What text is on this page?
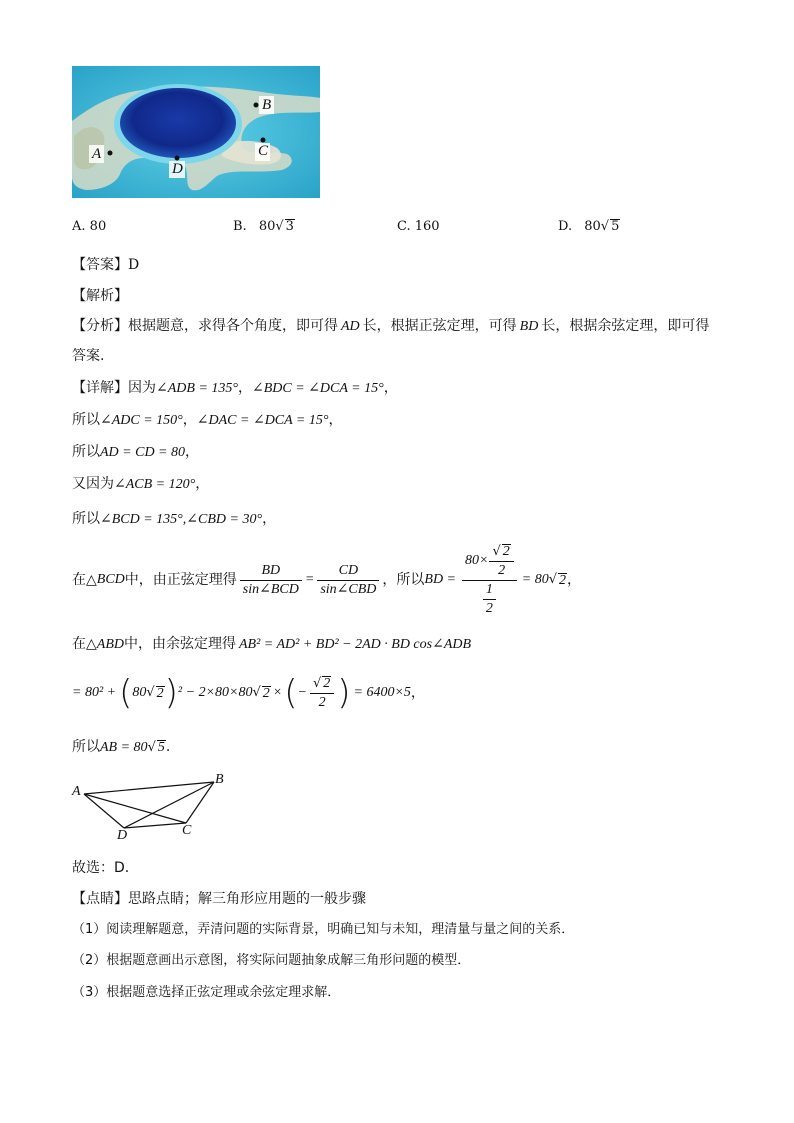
B
C
D
A
A. 80	B. 80√ 3	C. 160	D. 80√ 5
【答案】D
【解析】
【分析】根据题意，求得各个角度，即可得 AD 长，根据正弦定理，可得 BD 长，根据余弦定理，即可得
答案.
【详解】因为∠ADB = 135°，∠BDC = ∠DCA = 15°，
所以∠ADC = 150°，∠DAC = ∠DCA = 15°，
所以AD = CD = 80，
又因为∠ACB = 120°，
所以∠BCD = 135°,∠CBD = 30°，
在△ BCD 中，由正弦定理得 $\frac{BD}{\text{sin∠BCD}} = \frac{CD}{\text{sin∠CBD}}$ ，所以 BD = $\frac{80\times \frac{√ 2}{2}}{\frac{1}{2}} = 80$ √ 2 ，
在△ABD中，由余弦定理得 AB² = AD² + BD² − 2AD · BD cos∠ADB
= 80² + ( 80 √ 2 ) ² − 2×80×80 √ 2 × ( − $\frac{√ 2}{2}$ ) = 6400×5 ，
所以AB = 80√ 5.
A
B
C
D
故选：D.
【点睛】思路点睛；解三角形应用题的一般步骤
（1）阅读理解题意，弄清问题的实际背景，明确已知与未知，理清量与量之间的关系．
（2）根据题意画出示意图，将实际问题抽象成解三角形问题的模型．
（3）根据题意选择正弦定理或余弦定理求解．
